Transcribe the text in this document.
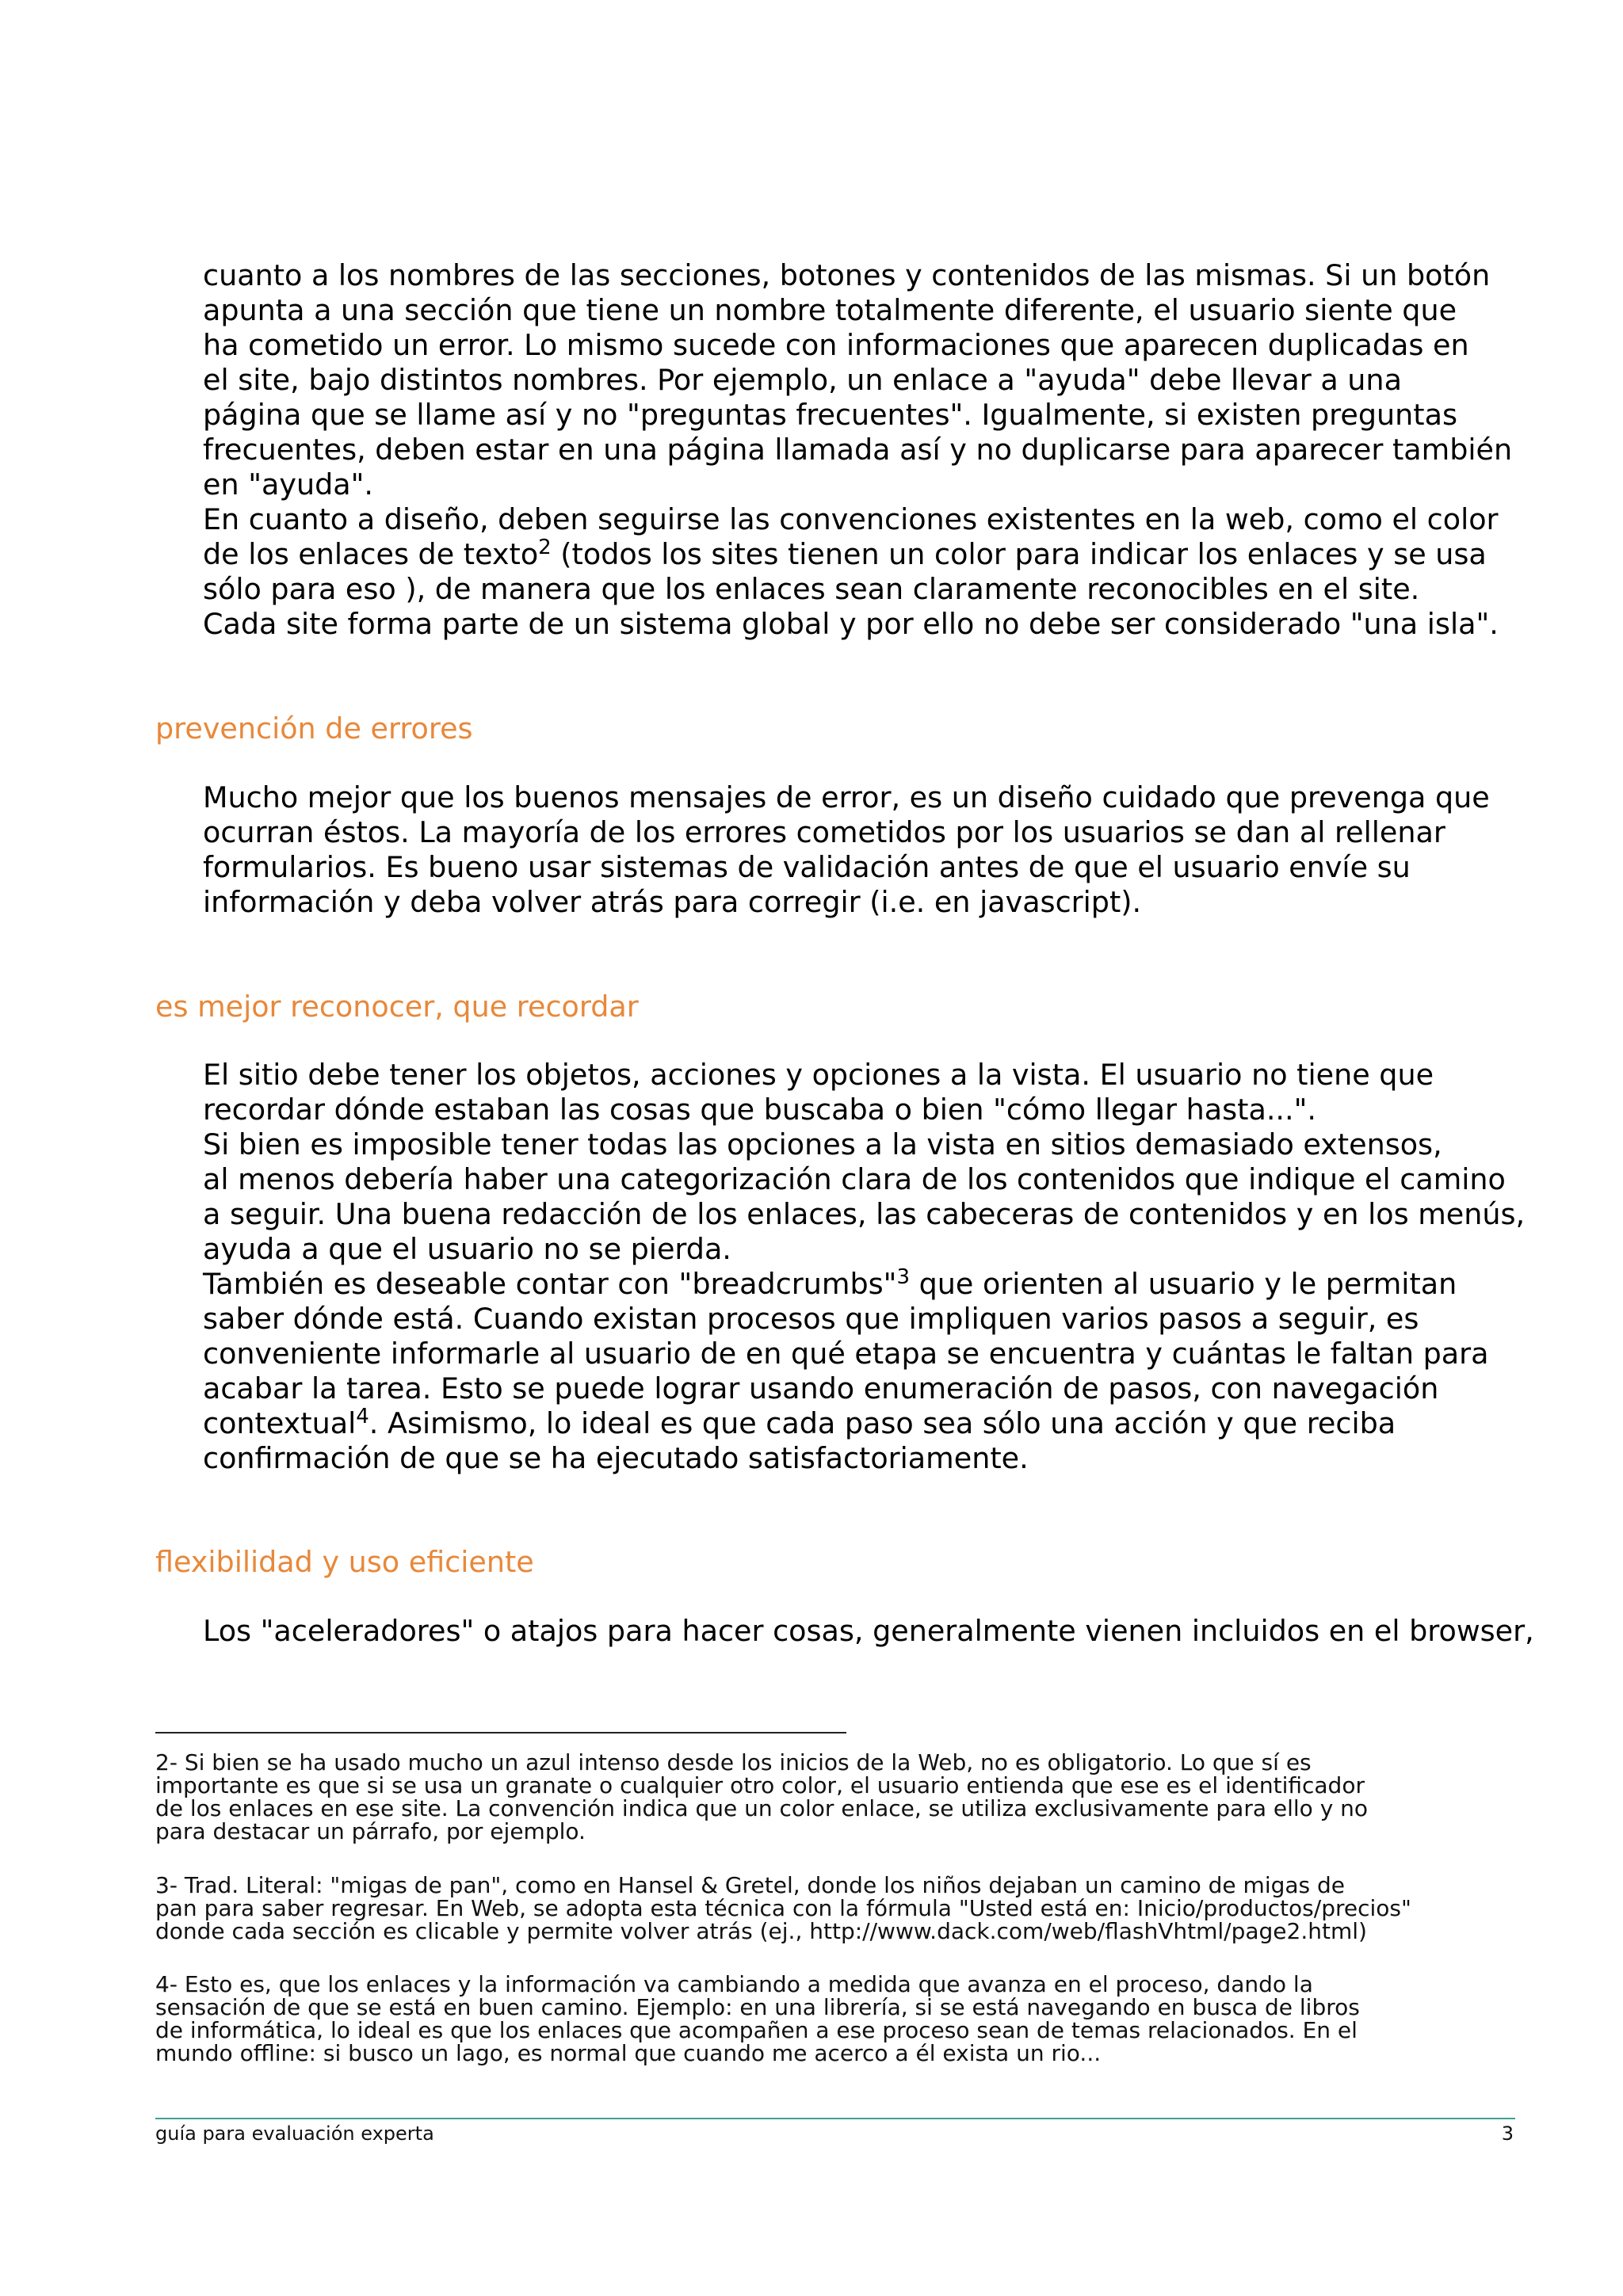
cuanto a los nombres de las secciones, botones y contenidos de las mismas. Si un botón

apunta a una sección que tiene un nombre totalmente diferente, el usuario siente que

ha cometido un error. Lo mismo sucede con informaciones que aparecen duplicadas en

el site, bajo distintos nombres. Por ejemplo, un enlace a "ayuda" debe llevar a una

página que se llame así y no "preguntas frecuentes". Igualmente, si existen preguntas

frecuentes, deben estar en una página llamada así y no duplicarse para aparecer también

en "ayuda".

En cuanto a diseño, deben seguirse las convenciones existentes en la web, como el color

de los enlaces de texto$^2$ (todos los sites tienen un color para indicar los enlaces y se usa

sólo para eso ), de manera que los enlaces sean claramente reconocibles en el site.

Cada site forma parte de un sistema global y por ello no debe ser considerado "una isla".

prevención de errores

Mucho mejor que los buenos mensajes de error, es un diseño cuidado que prevenga que

ocurran éstos. La mayoría de los errores cometidos por los usuarios se dan al rellenar

formularios. Es bueno usar sistemas de validación antes de que el usuario envíe su

información y deba volver atrás para corregir (i.e. en javascript).

es mejor reconocer, que recordar

El sitio debe tener los objetos, acciones y opciones a la vista. El usuario no tiene que

recordar dónde estaban las cosas que buscaba o bien "cómo llegar hasta...".

Si bien es imposible tener todas las opciones a la vista en sitios demasiado extensos,

al menos debería haber una categorización clara de los contenidos que indique el camino

a seguir. Una buena redacción de los enlaces, las cabeceras de contenidos y en los menús,

ayuda a que el usuario no se pierda.

También es deseable contar con "breadcrumbs"$^3$ que orienten al usuario y le permitan

saber dónde está. Cuando existan procesos que impliquen varios pasos a seguir, es

conveniente informarle al usuario de en qué etapa se encuentra y cuántas le faltan para

acabar la tarea. Esto se puede lograr usando enumeración de pasos, con navegación

contextual$^4$. Asimismo, lo ideal es que cada paso sea sólo una acción y que reciba

confirmación de que se ha ejecutado satisfactoriamente.

flexibilidad y uso eficiente

Los "aceleradores" o atajos para hacer cosas, generalmente vienen incluidos en el browser,

2- Si bien se ha usado mucho un azul intenso desde los inicios de la Web, no es obligatorio. Lo que sí es

importante es que si se usa un granate o cualquier otro color, el usuario entienda que ese es el identificador

de los enlaces en ese site. La convención indica que un color enlace, se utiliza exclusivamente para ello y no

para destacar un párrafo, por ejemplo.

3- Trad. Literal: "migas de pan", como en Hansel & Gretel, donde los niños dejaban un camino de migas de

pan para saber regresar. En Web, se adopta esta técnica con la fórmula "Usted está en: Inicio/productos/precios"

donde cada sección es clicable y permite volver atrás (ej., http://www.dack.com/web/flashVhtml/page2.html)

4- Esto es, que los enlaces y la información va cambiando a medida que avanza en el proceso, dando la

sensación de que se está en buen camino. Ejemplo: en una librería, si se está navegando en busca de libros

de informática, lo ideal es que los enlaces que acompañen a ese proceso sean de temas relacionados. En el

mundo offline: si busco un lago, es normal que cuando me acerco a él exista un rio...

guía para evaluación experta	3
